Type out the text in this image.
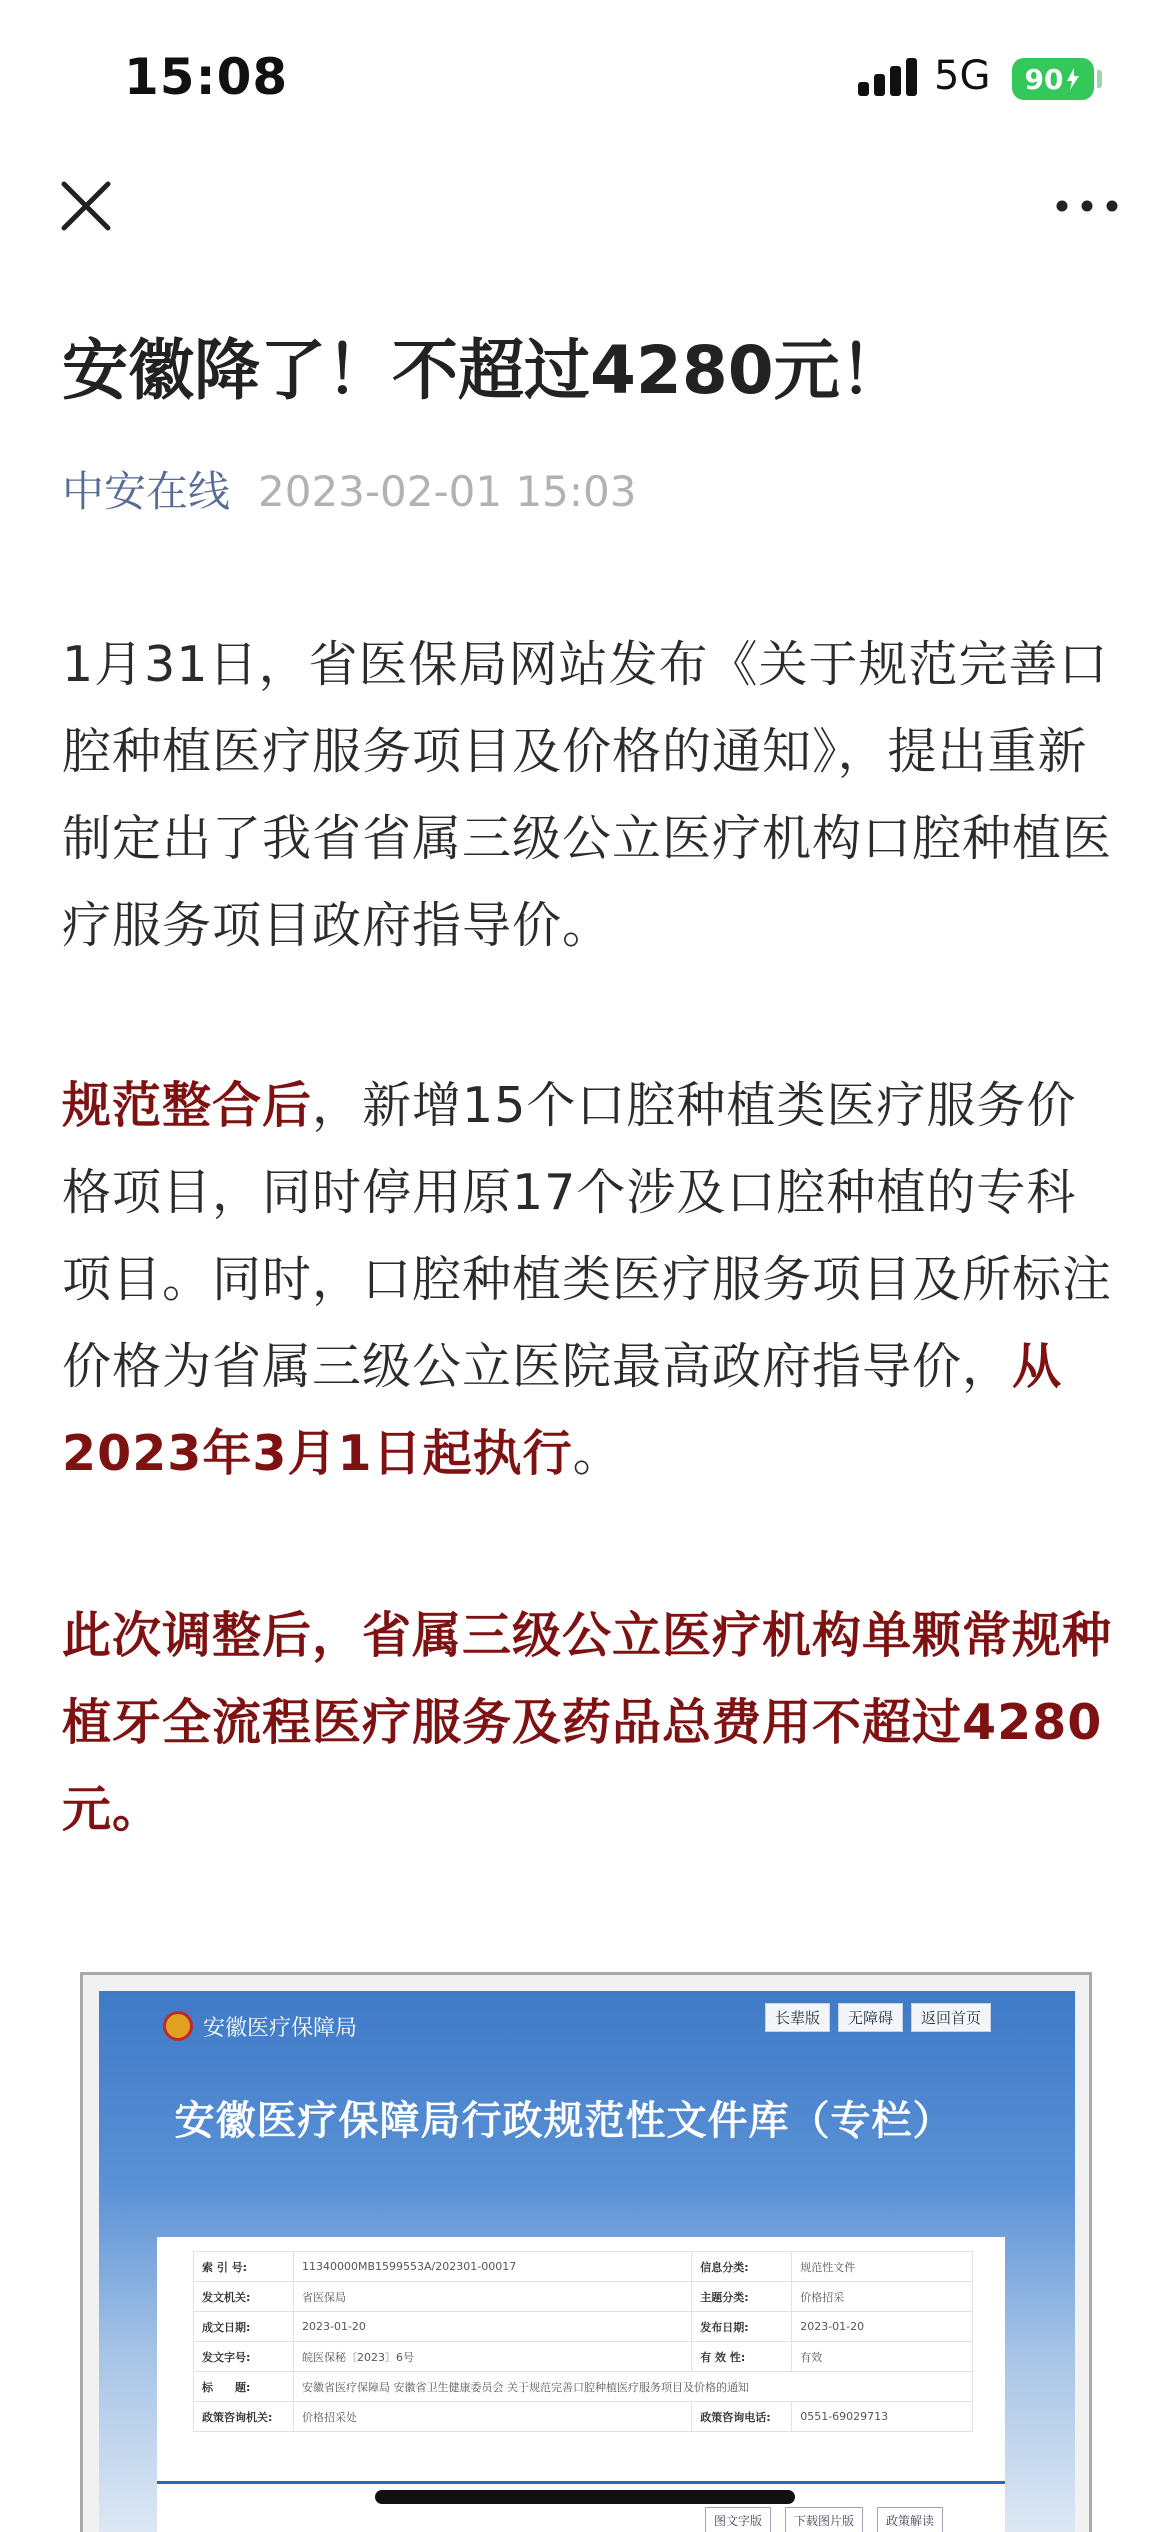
15:08	5G 90
安徽降了！不超过4280元！
中安在线 2023-02-01 15:03
1月31日，省医保局网站发布《关于规范完善口腔种植医疗服务项目及价格的通知》，提出重新制定出了我省省属三级公立医疗机构口腔种植医疗服务项目政府指导价。
规范整合后，新增15个口腔种植类医疗服务价格项目，同时停用原17个涉及口腔种植的专科项目。同时，口腔种植类医疗服务项目及所标注价格为省属三级公立医院最高政府指导价，从2023年3月1日起执行。
此次调整后，省属三级公立医疗机构单颗常规种植牙全流程医疗服务及药品总费用不超过4280元。
安徽医疗保障局	长辈版	无障碍	返回首页
安徽医疗保障局行政规范性文件库（专栏）
索 引 号:	11340000MB1599553A/202301-00017	信息分类:	规范性文件
发文机关:	省医保局	主题分类:	价格招采
成文日期:	2023-01-20	发布日期:	2023-01-20
发文字号:	皖医保秘〔2023〕6号	有 效 性:	有效
标　　题:	安徽省医疗保障局 安徽省卫生健康委员会 关于规范完善口腔种植医疗服务项目及价格的通知		
政策咨询机关:	价格招采处	政策咨询电话:	0551-69029713
图文字版	下载图片版	政策解读
